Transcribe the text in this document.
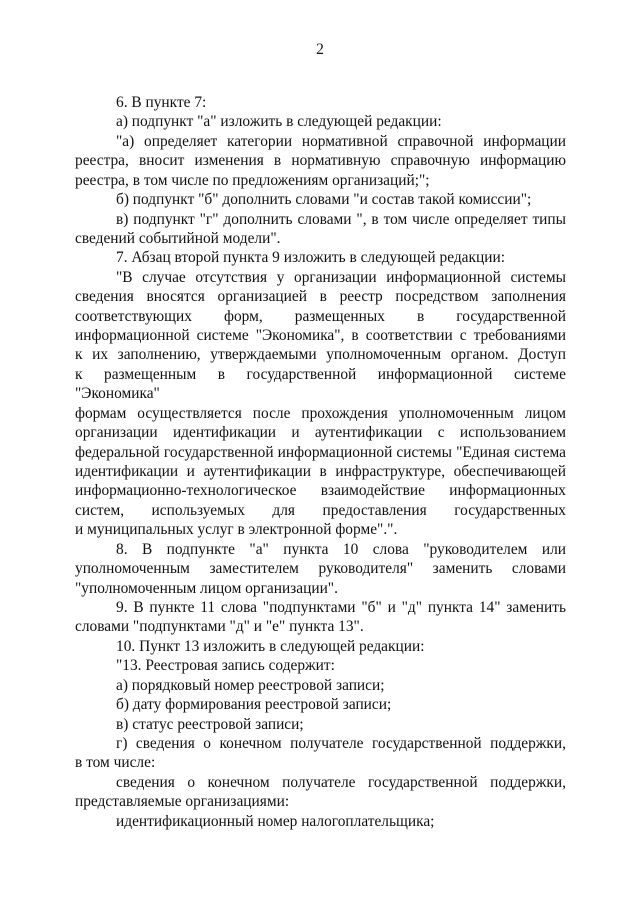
2

6. В пункте 7:

а) подпункт "а" изложить в следующей редакции:

"а) определяет категории нормативной справочной информации
реестра, вносит изменения в нормативную справочную информацию
реестра, в том числе по предложениям организаций;";

б) подпункт "б" дополнить словами "и состав такой комиссии";

в) подпункт "г" дополнить словами ", в том числе определяет типы
сведений событийной модели".

7. Абзац второй пункта 9 изложить в следующей редакции:

"В случае отсутствия у организации информационной системы
сведения вносятся организацией в реестр посредством заполнения
соответствующих форм, размещенных в государственной
информационной системе "Экономика", в соответствии с требованиями
к их заполнению, утверждаемыми уполномоченным органом. Доступ
к размещенным в государственной информационной системе "Экономика"
формам осуществляется после прохождения уполномоченным лицом
организации идентификации и аутентификации с использованием
федеральной государственной информационной системы "Единая система
идентификации и аутентификации в инфраструктуре, обеспечивающей
информационно-технологическое взаимодействие информационных
систем, используемых для предоставления государственных
и муниципальных услуг в электронной форме".".
8. В подпункте "а" пункта 10 слова "руководителем или
уполномоченным заместителем руководителя" заменить словами
"уполномоченным лицом организации".
9. В пункте 11 слова "подпунктами "б" и "д" пункта 14" заменить
словами "подпунктами "д" и "е" пункта 13".

10. Пункт 13 изложить в следующей редакции:

"13. Реестровая запись содержит:

а) порядковый номер реестровой записи;

б) дату формирования реестровой записи;

в) статус реестровой записи;

г) сведения о конечном получателе государственной поддержки,
в том числе:
сведения о конечном получателе государственной поддержки,
представляемые организациями:

идентификационный номер налогоплательщика;
